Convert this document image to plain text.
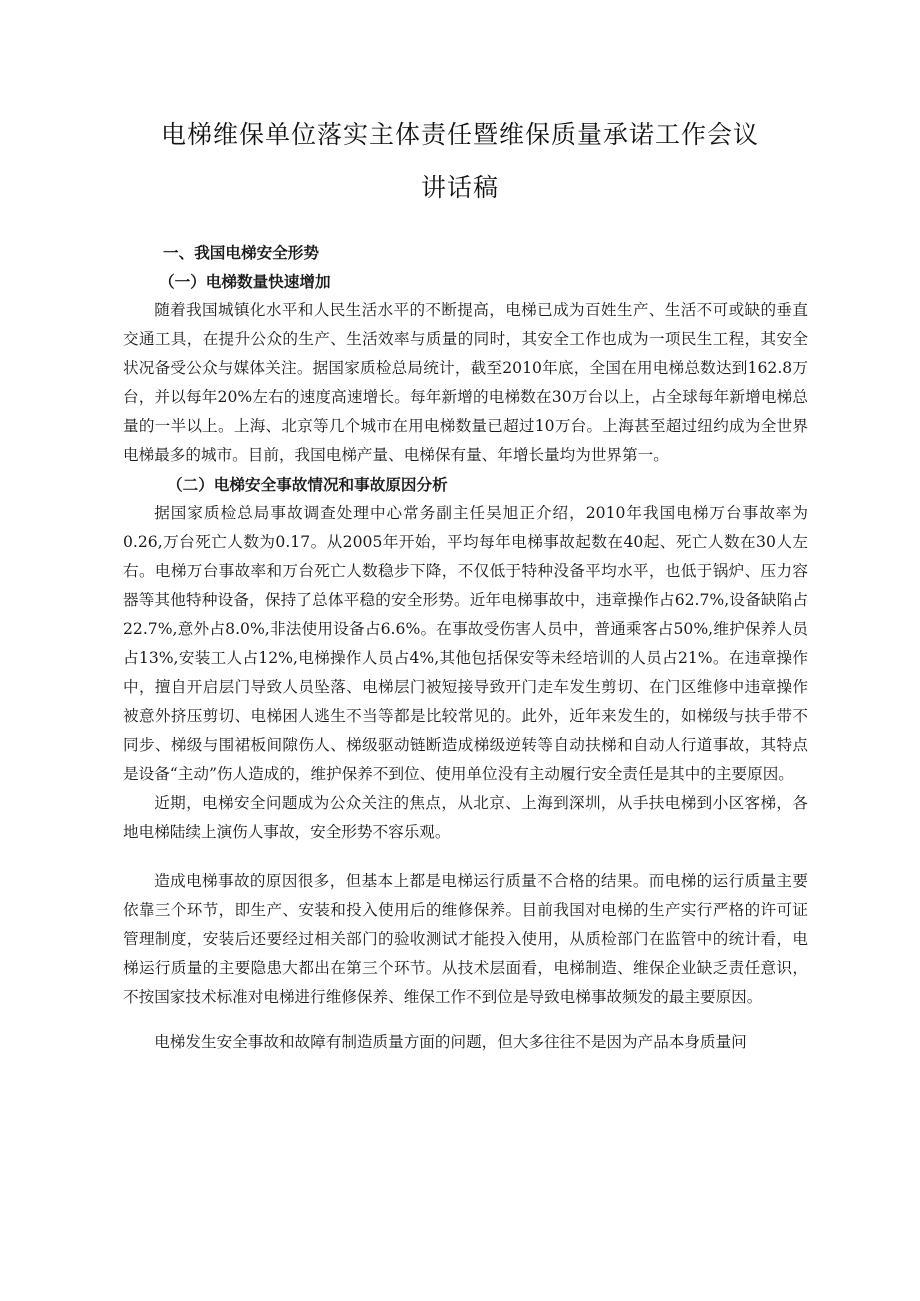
电梯维保单位落实主体责任暨维保质量承诺工作会议
讲话稿

一、我国电梯安全形势

（一）电梯数量快速增加

随着我国城镇化水平和人民生活水平的不断提高，电梯已成为百姓生产、生活不可或缺的垂直交通工具，在提升公众的生产、生活效率与质量的同时，其安全工作也成为一项民生工程，其安全状况备受公众与媒体关注。据国家质检总局统计，截至2010年底，全国在用电梯总数达到162.8万台，并以每年20%左右的速度高速增长。每年新增的电梯数在30万台以上，占全球每年新增电梯总量的一半以上。上海、北京等几个城市在用电梯数量已超过10万台。上海甚至超过纽约成为全世界电梯最多的城市。目前，我国电梯产量、电梯保有量、年增长量均为世界第一。

（二）电梯安全事故情况和事故原因分析

据国家质检总局事故调查处理中心常务副主任吴旭正介绍，2010年我国电梯万台事故率为0.26,万台死亡人数为0.17。从2005年开始，平均每年电梯事故起数在40起、死亡人数在30人左右。电梯万台事故率和万台死亡人数稳步下降，不仅低于特种没备平均水平，也低于锅炉、压力容器等其他特种设备，保持了总体平稳的安全形势。近年电梯事故中，违章操作占62.7%,设备缺陷占22.7%,意外占8.0%,非法使用设备占6.6%。在事故受伤害人员中，普通乘客占50%,维护保养人员占13%,安装工人占12%,电梯操作人员占4%,其他包括保安等未经培训的人员占21%。在违章操作中，擅自开启层门导致人员坠落、电梯层门被短接导致开门走车发生剪切、在门区维修中违章操作被意外挤压剪切、电梯困人逃生不当等都是比较常见的。此外，近年来发生的，如梯级与扶手带不同步、梯级与围裙板间隙伤人、梯级驱动链断造成梯级逆转等自动扶梯和自动人行道事故，其特点是设备“主动”伤人造成的，维护保养不到位、使用单位没有主动履行安全责任是其中的主要原因。

近期，电梯安全问题成为公众关注的焦点，从北京、上海到深圳，从手扶电梯到小区客梯，各地电梯陆续上演伤人事故，安全形势不容乐观。

造成电梯事故的原因很多，但基本上都是电梯运行质量不合格的结果。而电梯的运行质量主要依靠三个环节，即生产、安装和投入使用后的维修保养。目前我国对电梯的生产实行严格的许可证管理制度，安装后还要经过相关部门的验收测试才能投入使用，从质检部门在监管中的统计看，电梯运行质量的主要隐患大都出在第三个环节。从技术层面看，电梯制造、维保企业缺乏责任意识，不按国家技术标准对电梯进行维修保养、维保工作不到位是导致电梯事故频发的最主要原因。

电梯发生安全事故和故障有制造质量方面的问题，但大多往往不是因为产品本身质量问
